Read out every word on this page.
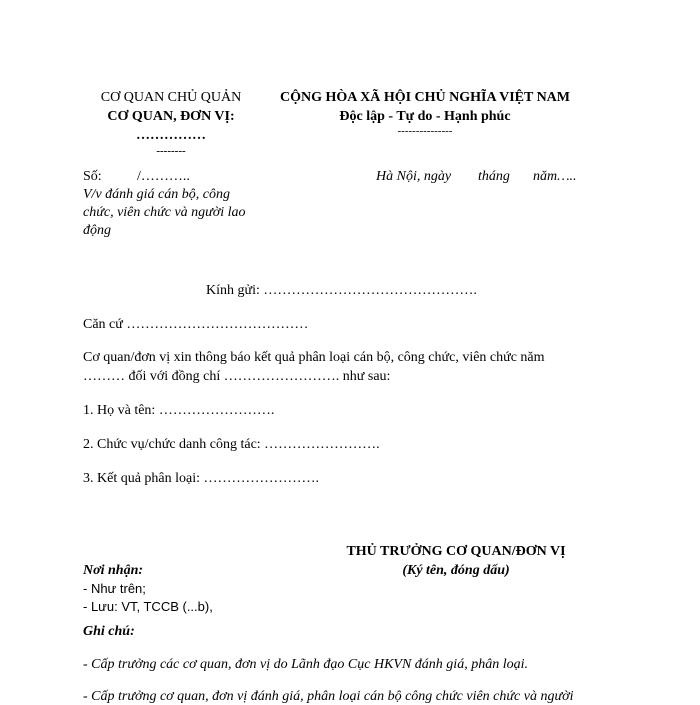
CƠ QUAN CHỦ QUẢN
CƠ QUAN, ĐƠN VỊ:
……………
--------
CỘNG HÒA XÃ HỘI CHỦ NGHĨA VIỆT NAM
Độc lập - Tự do - Hạnh phúc
---------------
Số:	/………..
V/v đánh giá cán bộ, công
chức, viên chức và người lao
động
Hà Nội, ngày tháng năm…..
Kính gửi: ……………………………………….
Căn cứ …………………………………
Cơ quan/đơn vị xin thông báo kết quả phân loại cán bộ, công chức, viên chức năm
……… đối với đồng chí ……………………. như sau:
1. Họ và tên: …………………….
2. Chức vụ/chức danh công tác: …………………….
3. Kết quả phân loại: …………………….
THỦ TRƯỞNG CƠ QUAN/ĐƠN VỊ
(Ký tên, đóng dấu)
Nơi nhận:
- Như trên;
- Lưu: VT, TCCB (...b),
Ghi chú:
- Cấp trưởng các cơ quan, đơn vị do Lãnh đạo Cục HKVN đánh giá, phân loại.
- Cấp trưởng cơ quan, đơn vị đánh giá, phân loại cán bộ công chức viên chức và người
